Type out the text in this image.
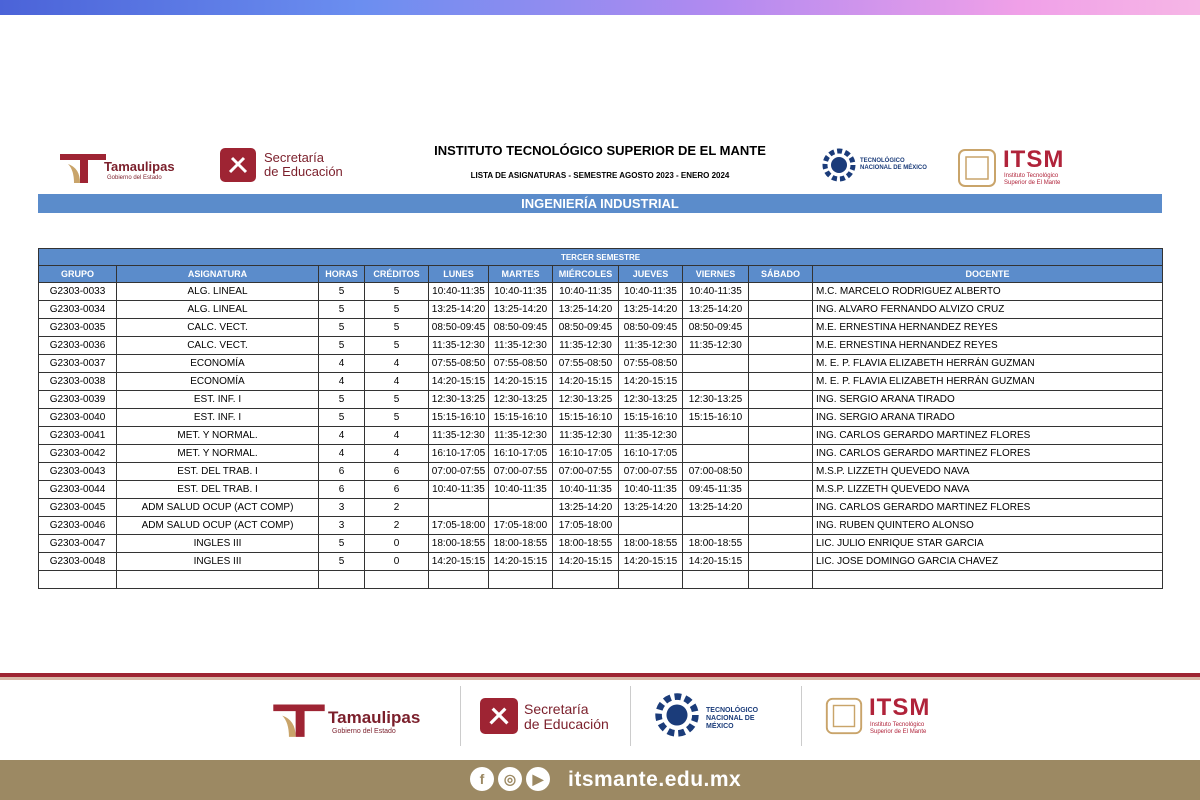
Tamaulipas
Gobierno del Estado
Secretaría
de Educación
INSTITUTO TECNOLÓGICO SUPERIOR DE EL MANTE
LISTA DE ASIGNATURAS - SEMESTRE AGOSTO 2023 - ENERO 2024
TECNOLÓGICO
NACIONAL DE MÉXICO	ITSM
Instituto Tecnológico
Superior de El Mante
INGENIERÍA INDUSTRIAL
TERCER SEMESTRE										
GRUPO	ASIGNATURA	HORAS	CRÉDITOS	LUNES	MARTES	MIÉRCOLES	JUEVES	VIERNES	SÁBADO	DOCENTE
G2303-0033	ALG. LINEAL	5	5	10:40-11:35	10:40-11:35	10:40-11:35	10:40-11:35	10:40-11:35		M.C. MARCELO RODRIGUEZ ALBERTO
G2303-0034	ALG. LINEAL	5	5	13:25-14:20	13:25-14:20	13:25-14:20	13:25-14:20	13:25-14:20		ING. ALVARO FERNANDO ALVIZO CRUZ
G2303-0035	CALC. VECT.	5	5	08:50-09:45	08:50-09:45	08:50-09:45	08:50-09:45	08:50-09:45		M.E. ERNESTINA HERNANDEZ REYES
G2303-0036	CALC. VECT.	5	5	11:35-12:30	11:35-12:30	11:35-12:30	11:35-12:30	11:35-12:30		M.E. ERNESTINA HERNANDEZ REYES
G2303-0037	ECONOMÍA	4	4	07:55-08:50	07:55-08:50	07:55-08:50	07:55-08:50			M. E. P. FLAVIA ELIZABETH HERRÁN GUZMAN
G2303-0038	ECONOMÍA	4	4	14:20-15:15	14:20-15:15	14:20-15:15	14:20-15:15			M. E. P. FLAVIA ELIZABETH HERRÁN GUZMAN
G2303-0039	EST. INF. I	5	5	12:30-13:25	12:30-13:25	12:30-13:25	12:30-13:25	12:30-13:25		ING. SERGIO ARANA TIRADO
G2303-0040	EST. INF. I	5	5	15:15-16:10	15:15-16:10	15:15-16:10	15:15-16:10	15:15-16:10		ING. SERGIO ARANA TIRADO
G2303-0041	MET. Y NORMAL.	4	4	11:35-12:30	11:35-12:30	11:35-12:30	11:35-12:30			ING. CARLOS GERARDO MARTINEZ FLORES
G2303-0042	MET. Y NORMAL.	4	4	16:10-17:05	16:10-17:05	16:10-17:05	16:10-17:05			ING. CARLOS GERARDO MARTINEZ FLORES
G2303-0043	EST. DEL TRAB. I	6	6	07:00-07:55	07:00-07:55	07:00-07:55	07:00-07:55	07:00-08:50		M.S.P. LIZZETH QUEVEDO NAVA
G2303-0044	EST. DEL TRAB. I	6	6	10:40-11:35	10:40-11:35	10:40-11:35	10:40-11:35	09:45-11:35		M.S.P. LIZZETH QUEVEDO NAVA
G2303-0045	ADM SALUD OCUP (ACT COMP)	3	2			13:25-14:20	13:25-14:20	13:25-14:20		ING. CARLOS GERARDO MARTINEZ FLORES
G2303-0046	ADM SALUD OCUP (ACT COMP)	3	2	17:05-18:00	17:05-18:00	17:05-18:00				ING. RUBEN QUINTERO ALONSO
G2303-0047	INGLES III	5	0	18:00-18:55	18:00-18:55	18:00-18:55	18:00-18:55	18:00-18:55		LIC. JULIO ENRIQUE STAR GARCIA
G2303-0048	INGLES III	5	0	14:20-15:15	14:20-15:15	14:20-15:15	14:20-15:15	14:20-15:15		LIC. JOSE DOMINGO GARCIA CHAVEZ

Tamaulipas
Gobierno del Estado
Secretaría
de Educación
TECNOLÓGICO
NACIONAL DE MÉXICO
ITSM
Instituto Tecnológico
Superior de El Mante
f	◎	▶	itsmante.edu.mx
